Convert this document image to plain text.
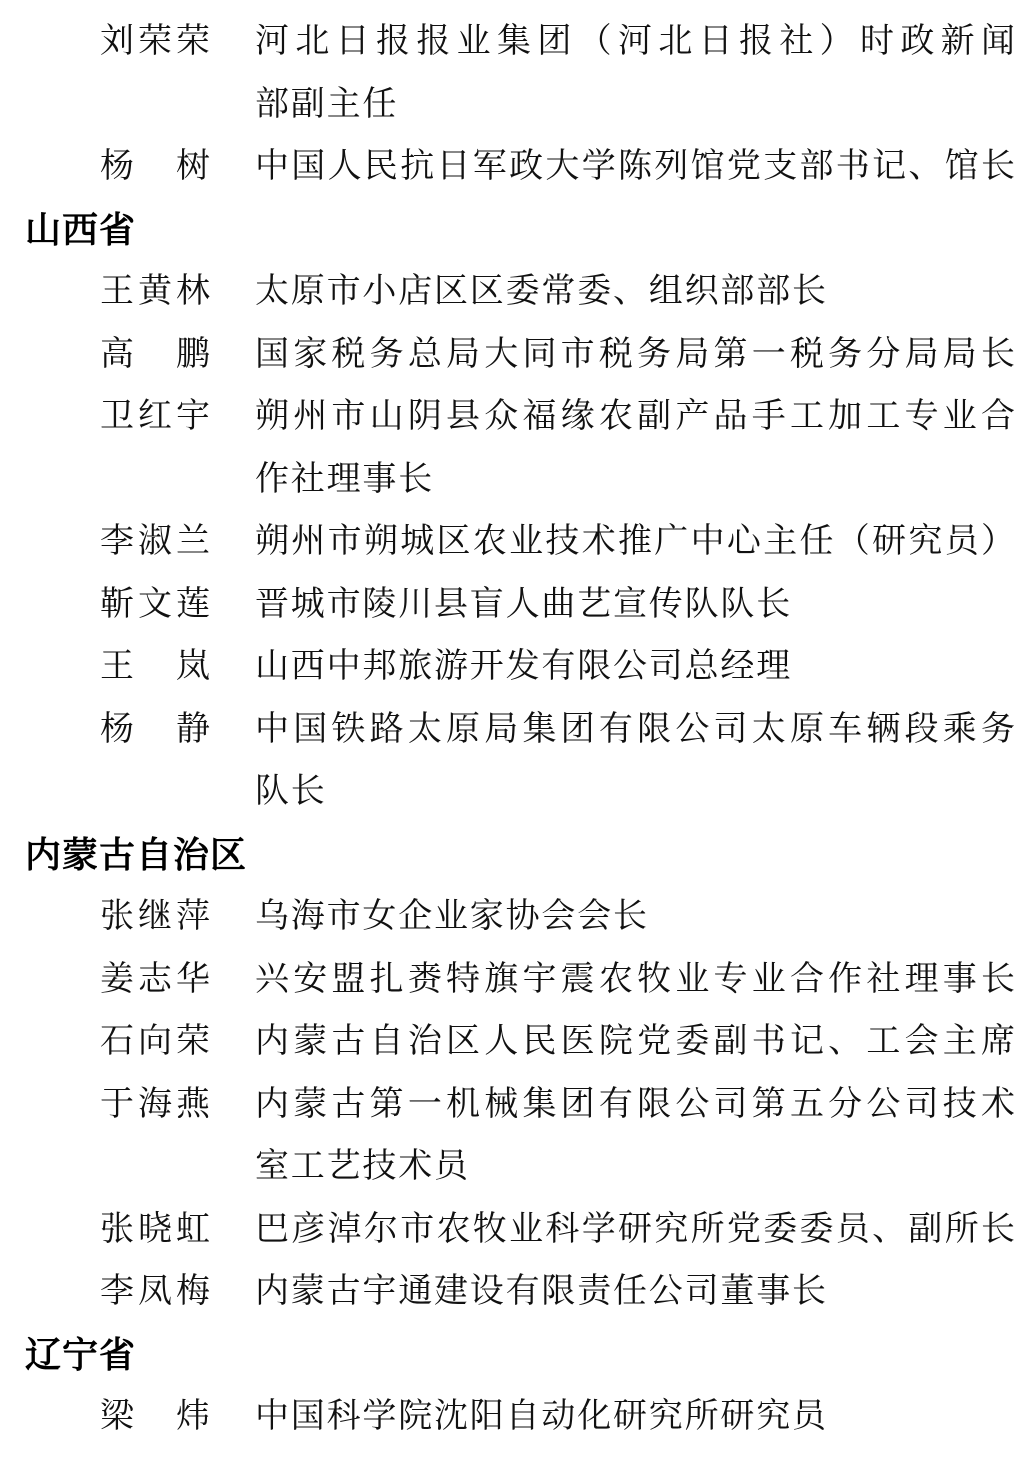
刘荣荣 河北日报报业集团（河北日报社）时政新闻
部副主任
杨树 中国人民抗日军政大学陈列馆党支部书记、馆长
山西省
王黄林 太原市小店区区委常委、组织部部长
高鹏 国家税务总局大同市税务局第一税务分局局长
卫红宇 朔州市山阴县众福缘农副产品手工加工专业合
作社理事长
李淑兰 朔州市朔城区农业技术推广中心主任（研究员）
靳文莲 晋城市陵川县盲人曲艺宣传队队长
王岚 山西中邦旅游开发有限公司总经理
杨静 中国铁路太原局集团有限公司太原车辆段乘务
队长
内蒙古自治区
张继萍 乌海市女企业家协会会长
姜志华 兴安盟扎赉特旗宇震农牧业专业合作社理事长
石向荣 内蒙古自治区人民医院党委副书记、工会主席
于海燕 内蒙古第一机械集团有限公司第五分公司技术
室工艺技术员
张晓虹 巴彦淖尔市农牧业科学研究所党委委员、副所长
李凤梅 内蒙古宇通建设有限责任公司董事长
辽宁省
梁炜 中国科学院沈阳自动化研究所研究员
